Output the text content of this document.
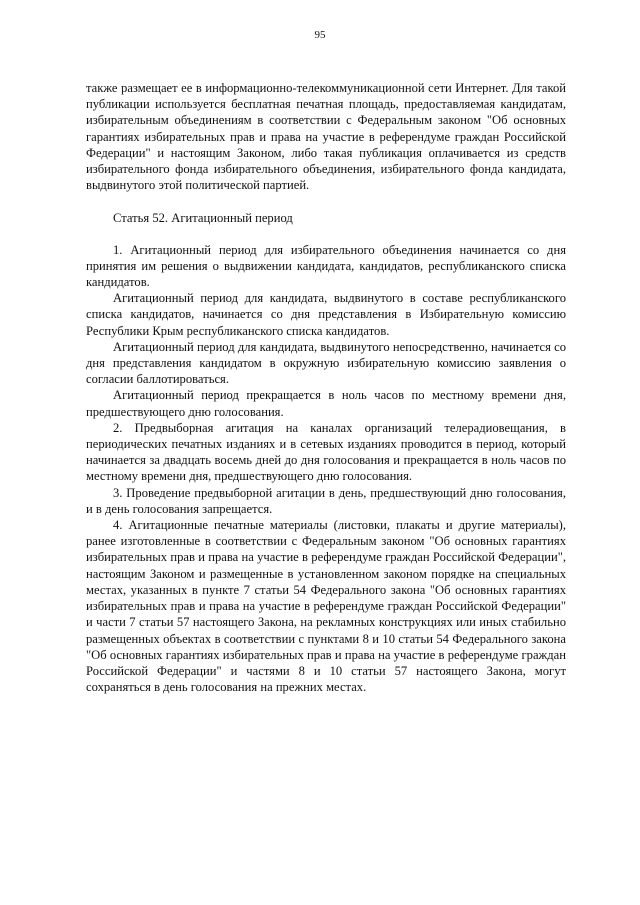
95

также размещает ее в информационно-телекоммуникационной сети Интернет. Для такой публикации используется бесплатная печатная площадь, предоставляемая кандидатам, избирательным объединениям в соответствии с Федеральным законом "Об основных гарантиях избирательных прав и права на участие в референдуме граждан Российской Федерации" и настоящим Законом, либо такая публикация оплачивается из средств избирательного фонда избирательного объединения, избирательного фонда кандидата, выдвинутого этой политической партией.

Статья 52. Агитационный период

1. Агитационный период для избирательного объединения начинается со дня принятия им решения о выдвижении кандидата, кандидатов, республиканского списка кандидатов.

Агитационный период для кандидата, выдвинутого в составе республиканского списка кандидатов, начинается со дня представления в Избирательную комиссию Республики Крым республиканского списка кандидатов.

Агитационный период для кандидата, выдвинутого непосредственно, начинается со дня представления кандидатом в окружную избирательную комиссию заявления о согласии баллотироваться.

Агитационный период прекращается в ноль часов по местному времени дня, предшествующего дню голосования.

2. Предвыборная агитация на каналах организаций телерадиовещания, в периодических печатных изданиях и в сетевых изданиях проводится в период, который начинается за двадцать восемь дней до дня голосования и прекращается в ноль часов по местному времени дня, предшествующего дню голосования.

3. Проведение предвыборной агитации в день, предшествующий дню голосования, и в день голосования запрещается.

4. Агитационные печатные материалы (листовки, плакаты и другие материалы), ранее изготовленные в соответствии с Федеральным законом "Об основных гарантиях избирательных прав и права на участие в референдуме граждан Российской Федерации", настоящим Законом и размещенные в установленном законом порядке на специальных местах, указанных в пункте 7 статьи 54 Федерального закона "Об основных гарантиях избирательных прав и права на участие в референдуме граждан Российской Федерации" и части 7 статьи 57 настоящего Закона, на рекламных конструкциях или иных стабильно размещенных объектах в соответствии с пунктами 8 и 10 статьи 54 Федерального закона "Об основных гарантиях избирательных прав и права на участие в референдуме граждан Российской Федерации" и частями 8 и 10 статьи 57 настоящего Закона, могут сохраняться в день голосования на прежних местах.
